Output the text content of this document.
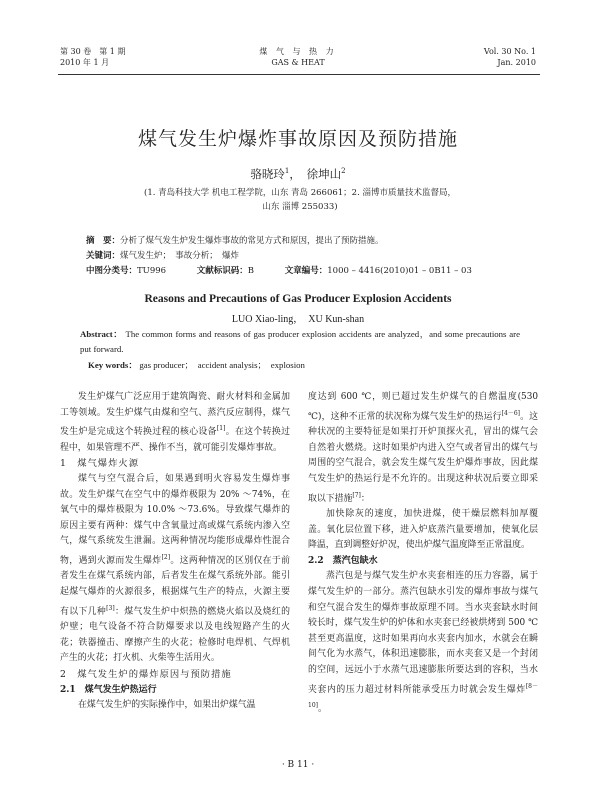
第 30 卷　第 1 期
2010 年 1 月
煤 气 与 热 力
GAS & HEAT
Vol. 30 No. 1
Jan. 2010
煤气发生炉爆炸事故原因及预防措施
骆晓玲$^1$，　徐坤山$^2$
(1. 青岛科技大学 机电工程学院，山东 青岛 266061；2. 淄博市质量技术监督局，
山东 淄博 255033)
摘　要：分析了煤气发生炉发生爆炸事故的常见方式和原因，提出了预防措施。
关键词：煤气发生炉；　事故分析；　爆炸
中图分类号：TU996	文献标识码：B	文章编号：1000 – 4416(2010)01 – 0B11 – 03
Reasons and Precautions of Gas Producer Explosion Accidents
LUO Xiao-ling，　XU Kun-shan
Abstract： The common forms and reasons of gas producer explosion accidents are analyzed，and some precautions are put forward.
Key words： gas producer；　accident analysis；　explosion

发生炉煤气广泛应用于建筑陶瓷、耐火材料和金属加工等领域。发生炉煤气由煤和空气、蒸汽反应制得，煤气发生炉是完成这个转换过程的核心设备[1]。在这个转换过程中，如果管理不严、操作不当，就可能引发爆炸事故。

1　煤气爆炸火源

煤气与空气混合后，如果遇到明火容易发生爆炸事故。发生炉煤气在空气中的爆炸极限为 20% ～74%，在氧气中的爆炸极限为 10.0% ～73.6%。导致煤气爆炸的原因主要有两种：煤气中含氧量过高或煤气系统内渗入空气，煤气系统发生泄漏。这两种情况均能形成爆炸性混合物，遇到火源而发生爆炸[2]。这两种情况的区别仅在于前者发生在煤气系统内部，后者发生在煤气系统外部。能引起煤气爆炸的火源很多，根据煤气生产的特点，火源主要有以下几种[3]：煤气发生炉中炽热的燃烧火焰以及烧红的炉壁；电气设备不符合防爆要求以及电线短路产生的火花；铁器撞击、摩擦产生的火花；检修时电焊机、气焊机产生的火花；打火机、火柴等生活用火。

2　煤气发生炉的爆炸原因与预防措施
2.1　煤气发生炉热运行

在煤气发生炉的实际操作中，如果出炉煤气温

度达到 600 ℃，则已超过发生炉煤气的自燃温度(530 ℃)，这种不正常的状况称为煤气发生炉的热运行[4－6]。这种状况的主要特征是如果打开炉顶探火孔，冒出的煤气会自然着火燃烧。这时如果炉内进入空气或者冒出的煤气与周围的空气混合，就会发生煤气发生炉爆炸事故，因此煤气发生炉的热运行是不允许的。出现这种状况后要立即采取以下措施[7]：

加快除灰的速度，加快进煤，使干燥层燃料加厚覆盖。氧化层位置下移，进入炉底蒸汽量要增加，使氧化层降温，直到调整好炉况，使出炉煤气温度降至正常温度。

2.2　蒸汽包缺水

蒸汽包是与煤气发生炉水夹套相连的压力容器，属于煤气发生炉的一部分。蒸汽包缺水引发的爆炸事故与煤气和空气混合发生的爆炸事故原理不同。当水夹套缺水时间较长时，煤气发生炉的炉体和水夹套已经被烘烤到 500 ℃甚至更高温度，这时如果再向水夹套内加水，水就会在瞬间气化为水蒸气，体积迅速膨胀，而水夹套又是一个封闭的空间，远远小于水蒸气迅速膨胀所要达到的容积，当水夹套内的压力超过材料所能承受压力时就会发生爆炸[8－10]。

· B 11 ·
